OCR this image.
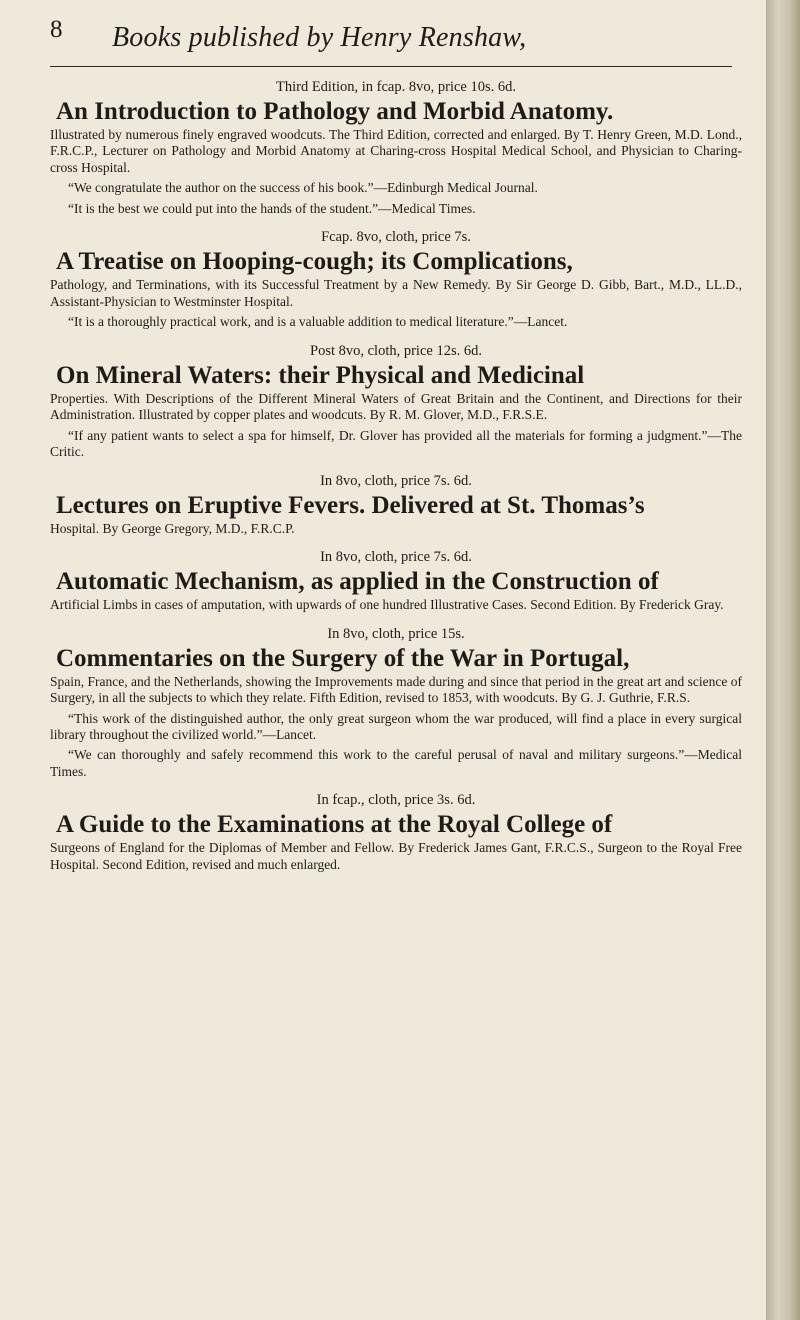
8 Books published by Henry Renshaw,

Third Edition, in fcap. 8vo, price 10s. 6d.

An Introduction to Pathology and Morbid Anatomy.

Illustrated by numerous finely engraved woodcuts. The Third Edition, corrected and enlarged. By T. Henry Green, M.D. Lond., F.R.C.P., Lecturer on Pathology and Morbid Anatomy at Charing-cross Hospital Medical School, and Physician to Charing-cross Hospital.

“We congratulate the author on the success of his book.”—Edinburgh Medical Journal.

“It is the best we could put into the hands of the student.”—Medical Times.

Fcap. 8vo, cloth, price 7s.

A Treatise on Hooping-cough; its Complications,

Pathology, and Terminations, with its Successful Treatment by a New Remedy. By Sir George D. Gibb, Bart., M.D., LL.D., Assistant-Physician to Westminster Hospital.

“It is a thoroughly practical work, and is a valuable addition to medical literature.”—Lancet.

Post 8vo, cloth, price 12s. 6d.

On Mineral Waters: their Physical and Medicinal

Properties. With Descriptions of the Different Mineral Waters of Great Britain and the Continent, and Directions for their Administration. Illustrated by copper plates and woodcuts. By R. M. Glover, M.D., F.R.S.E.

“If any patient wants to select a spa for himself, Dr. Glover has provided all the materials for forming a judgment.”—The Critic.

In 8vo, cloth, price 7s. 6d.

Lectures on Eruptive Fevers. Delivered at St. Thomas’s

Hospital. By George Gregory, M.D., F.R.C.P.

In 8vo, cloth, price 7s. 6d.

Automatic Mechanism, as applied in the Construction of

Artificial Limbs in cases of amputation, with upwards of one hundred Illustrative Cases. Second Edition. By Frederick Gray.

In 8vo, cloth, price 15s.

Commentaries on the Surgery of the War in Portugal,

Spain, France, and the Netherlands, showing the Improvements made during and since that period in the great art and science of Surgery, in all the subjects to which they relate. Fifth Edition, revised to 1853, with woodcuts. By G. J. Guthrie, F.R.S.

“This work of the distinguished author, the only great surgeon whom the war produced, will find a place in every surgical library throughout the civilized world.”—Lancet.

“We can thoroughly and safely recommend this work to the careful perusal of naval and military surgeons.”—Medical Times.

In fcap., cloth, price 3s. 6d.

A Guide to the Examinations at the Royal College of

Surgeons of England for the Diplomas of Member and Fellow. By Frederick James Gant, F.R.C.S., Surgeon to the Royal Free Hospital. Second Edition, revised and much enlarged.
